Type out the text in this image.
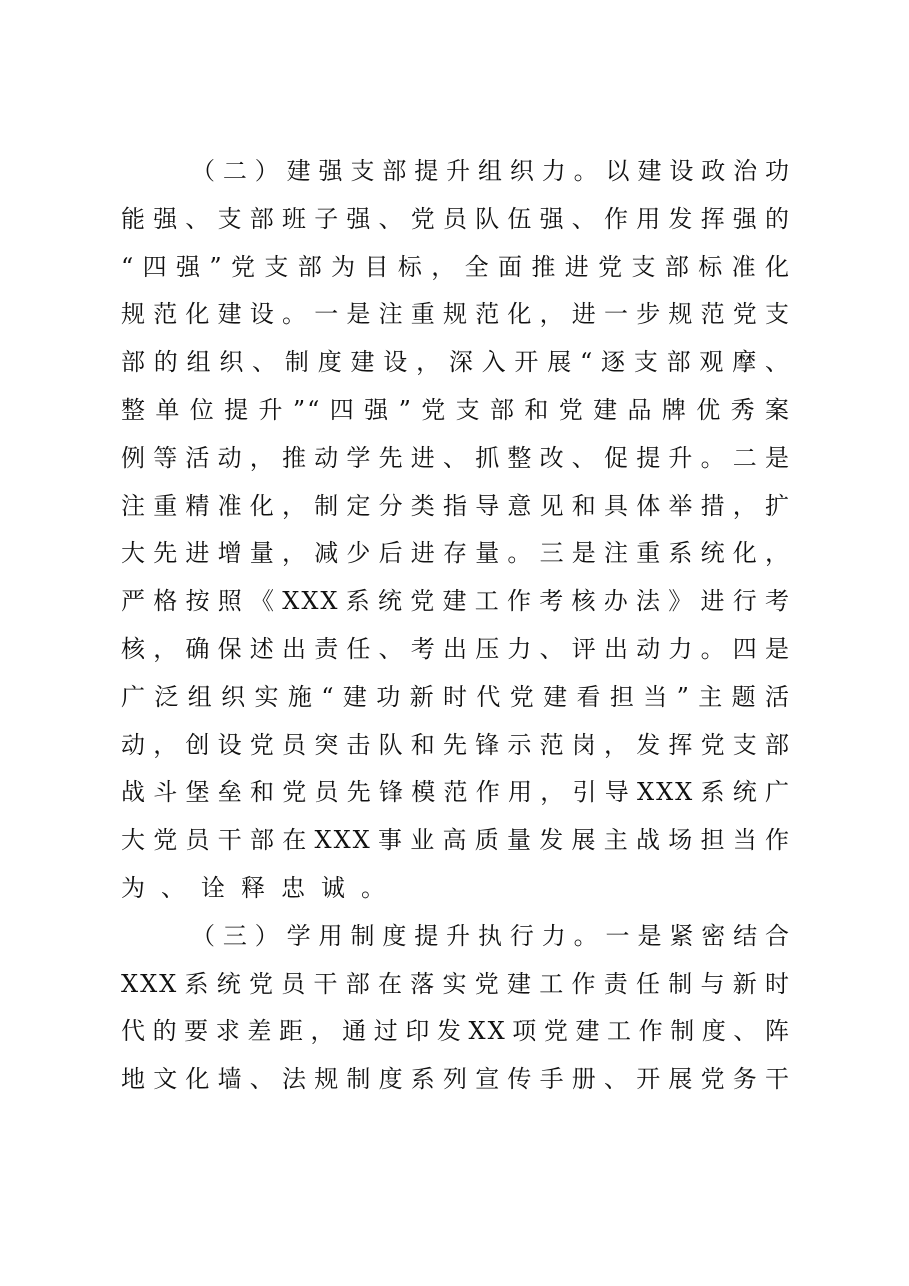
（二）建强支部提升组织力。以建设政治功
能强、支部班子强、党员队伍强、作用发挥强的
“四强”党支部为目标，全面推进党支部标准化
规范化建设。一是注重规范化，进一步规范党支
部的组织、制度建设，深入开展“逐支部观摩、
整单位提升”“四强”党支部和党建品牌优秀案
例等活动，推动学先进、抓整改、促提升。二是
注重精准化，制定分类指导意见和具体举措，扩
大先进增量，减少后进存量。三是注重系统化，
严格按照《XXX系统党建工作考核办法》进行考
核，确保述出责任、考出压力、评出动力。四是
广泛组织实施“建功新时代党建看担当”主题活
动，创设党员突击队和先锋示范岗，发挥党支部
战斗堡垒和党员先锋模范作用，引导XXX系统广
大党员干部在XXX事业高质量发展主战场担当作
为、诠释忠诚。
（三）学用制度提升执行力。一是紧密结合
XXX系统党员干部在落实党建工作责任制与新时
代的要求差距，通过印发XX项党建工作制度、阵
地文化墙、法规制度系列宣传手册、开展党务干
